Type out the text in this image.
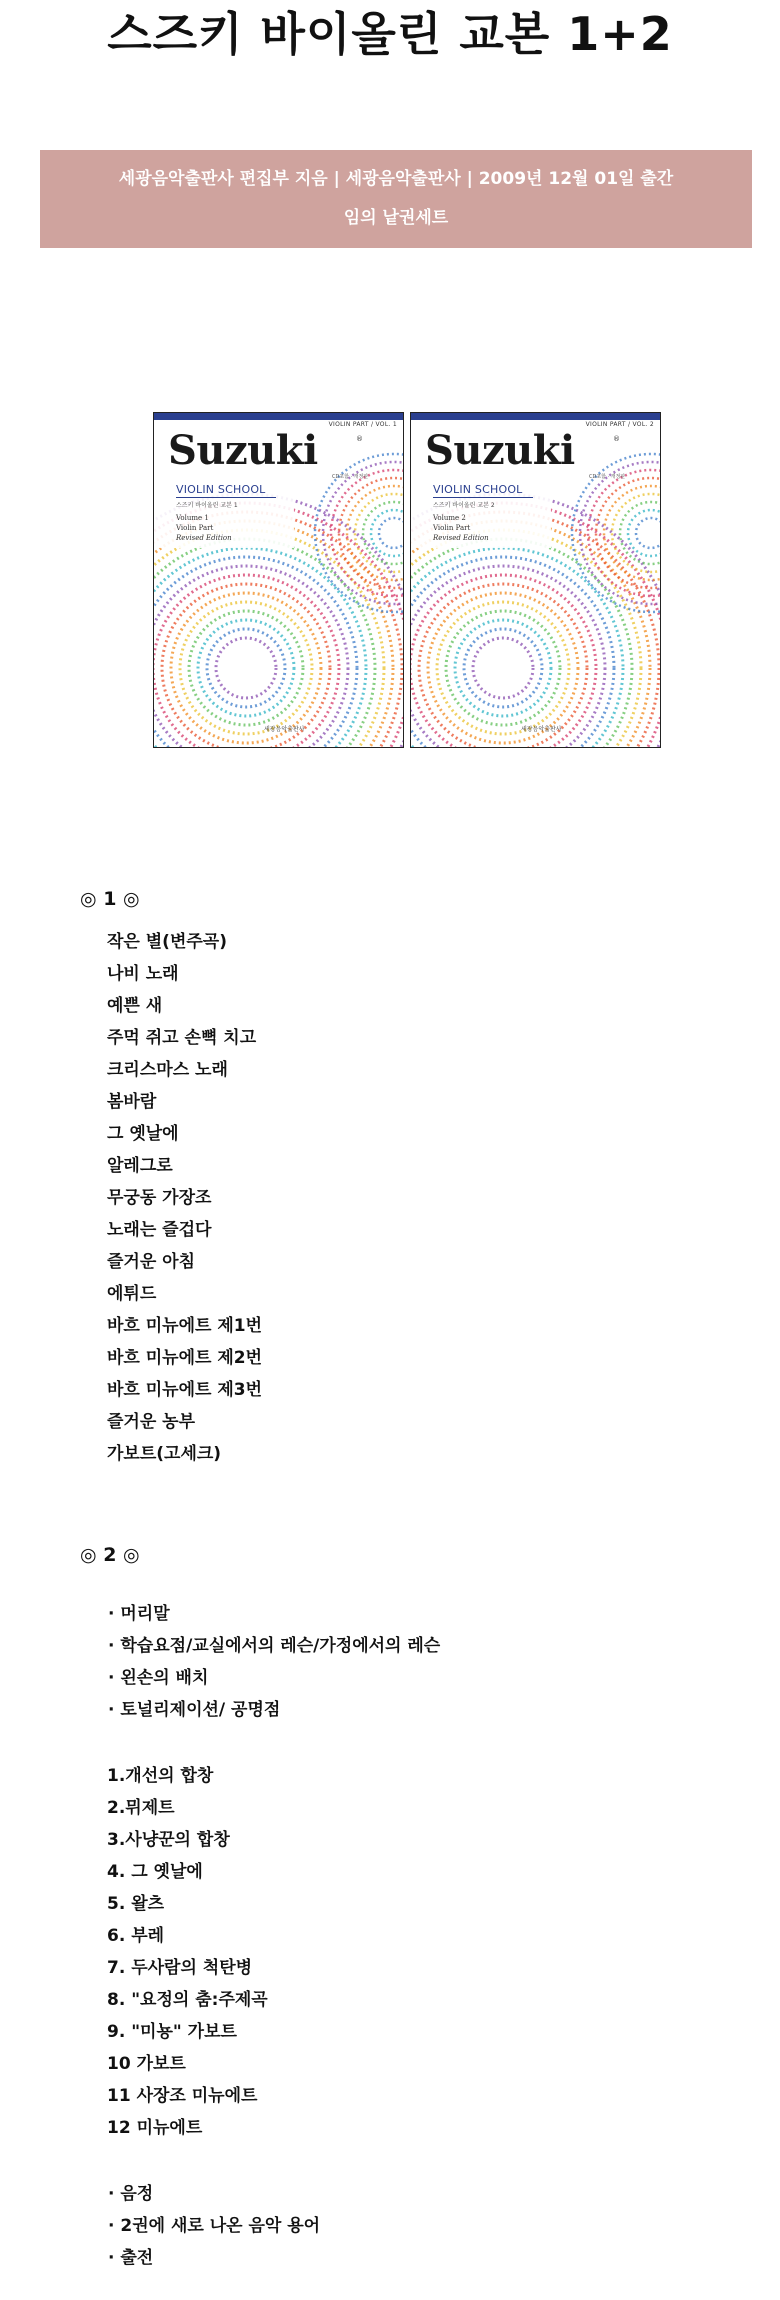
스즈키 바이올린 교본 1+2
세광음악출판사 편집부 지음 | 세광음악출판사 | 2009년 12월 01일 출간
임의 낱권세트
VIOLIN PART / VOL. 1
Suzuki	®
CD포함 · 개정판
VIOLIN SCHOOL
스즈키 바이올린 교본 1
Volume 1
Violin Part
Revised Edition
세광음악출판사
VIOLIN PART / VOL. 2
Suzuki	®
CD포함 · 개정판
VIOLIN SCHOOL
스즈키 바이올린 교본 2
Volume 2
Violin Part
Revised Edition
세광음악출판사
◎ 1 ◎
작은 별(변주곡)
나비 노래
예쁜 새
주먹 쥐고 손뼉 치고
크리스마스 노래
봄바람
그 옛날에
알레그로
무궁동 가장조
노래는 즐겁다
즐거운 아침
에튀드
바흐 미뉴에트 제1번
바흐 미뉴에트 제2번
바흐 미뉴에트 제3번
즐거운 농부
가보트(고세크)
◎ 2 ◎
· 머리말
· 학습요점/교실에서의 레슨/가정에서의 레슨
· 왼손의 배치
· 토널리제이션/ 공명점
1.개선의 합창
2.뮈제트
3.사냥꾼의 합창
4. 그 옛날에
5. 왈츠
6. 부레
7. 두사람의 척탄병
8. "요정의 춤:주제곡
9. "미뇽" 가보트
10 가보트
11 사장조 미뉴에트
12 미뉴에트
· 음정
· 2권에 새로 나온 음악 용어
· 출전
